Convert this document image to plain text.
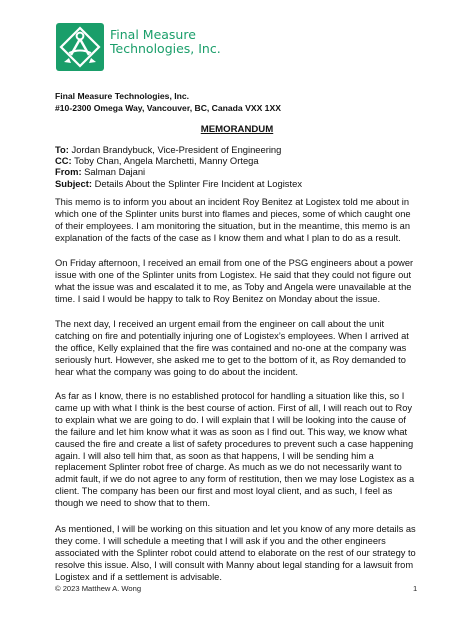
Final Measure
Technologies, Inc.
Final Measure Technologies, Inc.
#10-2300 Omega Way, Vancouver, BC, Canada VXX 1XX
MEMORANDUM
To: Jordan Brandybuck, Vice-President of Engineering
CC: Toby Chan, Angela Marchetti, Manny Ortega
From: Salman Dajani
Subject: Details About the Splinter Fire Incident at Logistex
This memo is to inform you about an incident Roy Benitez at Logistex told me about in
which one of the Splinter units burst into flames and pieces, some of which caught one
of their employees. I am monitoring the situation, but in the meantime, this memo is an
explanation of the facts of the case as I know them and what I plan to do as a result.
On Friday afternoon, I received an email from one of the PSG engineers about a power
issue with one of the Splinter units from Logistex. He said that they could not figure out
what the issue was and escalated it to me, as Toby and Angela were unavailable at the
time. I said I would be happy to talk to Roy Benitez on Monday about the issue.
The next day, I received an urgent email from the engineer on call about the unit
catching on fire and potentially injuring one of Logistex’s employees. When I arrived at
the office, Kelly explained that the fire was contained and no-one at the company was
seriously hurt. However, she asked me to get to the bottom of it, as Roy demanded to
hear what the company was going to do about the incident.
As far as I know, there is no established protocol for handling a situation like this, so I
came up with what I think is the best course of action. First of all, I will reach out to Roy
to explain what we are going to do. I will explain that I will be looking into the cause of
the failure and let him know what it was as soon as I find out. This way, we know what
caused the fire and create a list of safety procedures to prevent such a case happening
again. I will also tell him that, as soon as that happens, I will be sending him a
replacement Splinter robot free of charge. As much as we do not necessarily want to
admit fault, if we do not agree to any form of restitution, then we may lose Logistex as a
client. The company has been our first and most loyal client, and as such, I feel as
though we need to show that to them.
As mentioned, I will be working on this situation and let you know of any more details as
they come. I will schedule a meeting that I will ask if you and the other engineers
associated with the Splinter robot could attend to elaborate on the rest of our strategy to
resolve this issue. Also, I will consult with Manny about legal standing for a lawsuit from
Logistex and if a settlement is advisable.
© 2023 Matthew A. Wong	1
